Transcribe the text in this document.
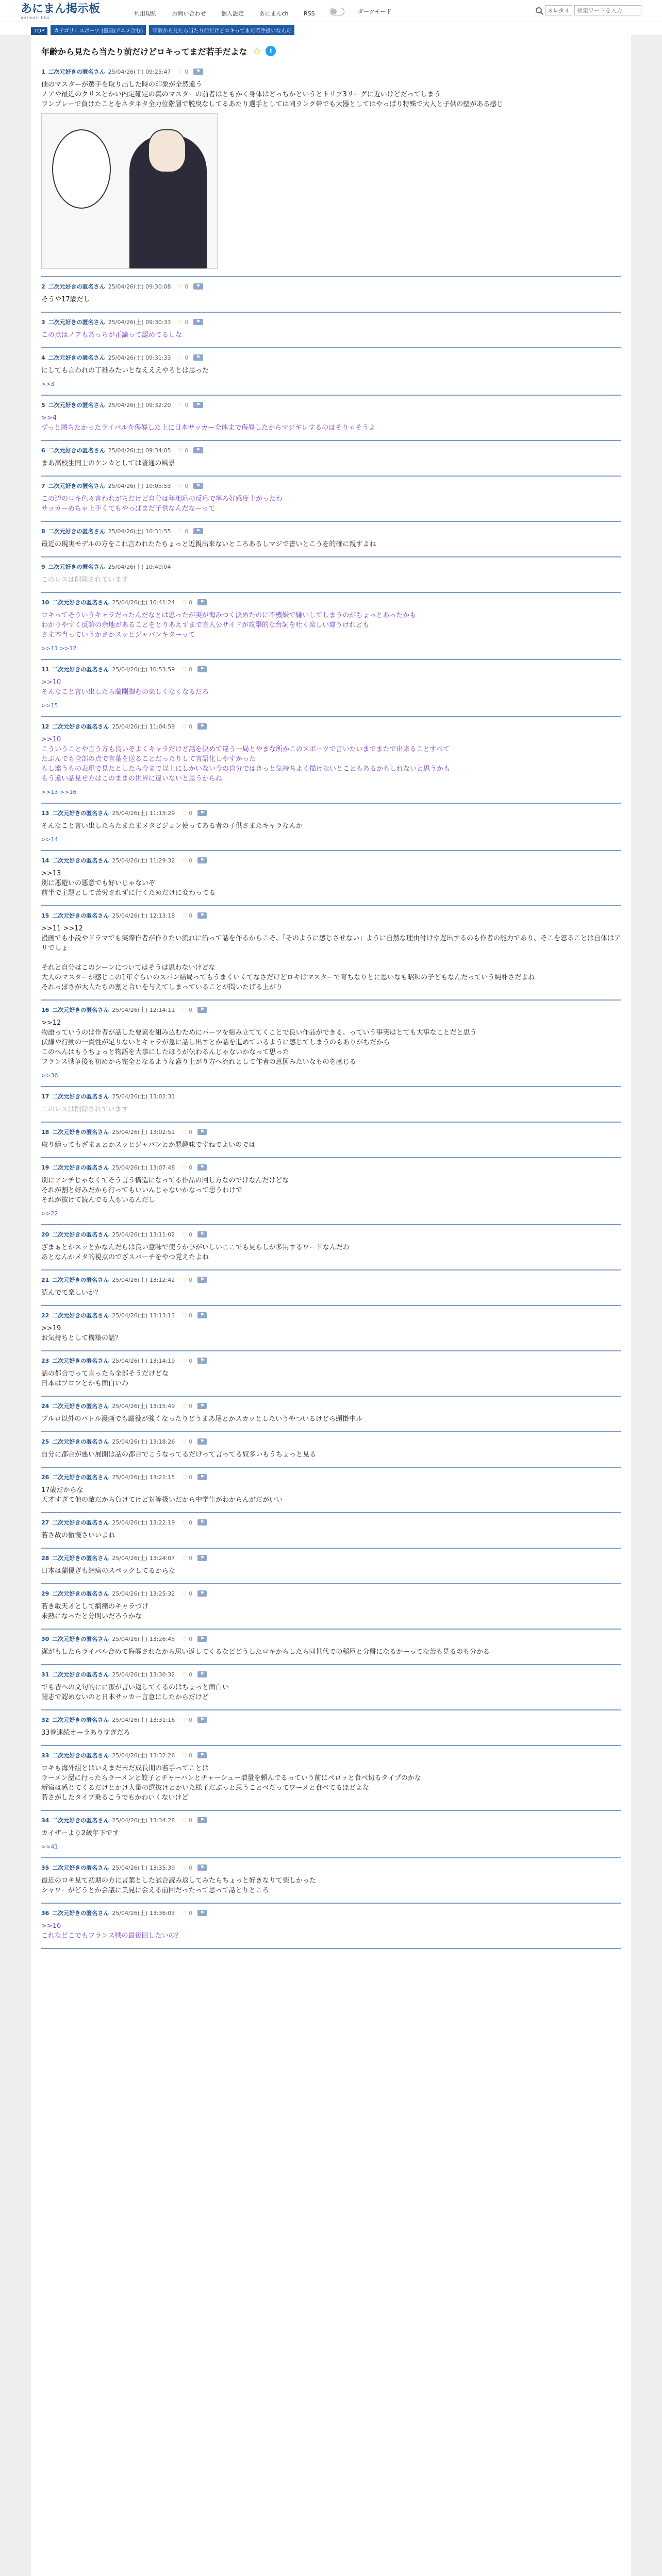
あにまん掲示板
animan bbs
利用規約	お問い合わせ	個人設定	あにまんch	RSS	ダークモード	スレタイ
検索ワードを入力
TOP カテゴリ：スポーツ (漫画/アニメ含む) 年齢から見たら当たり前だけどロキってまだ若手扱いなんだ
年齢から見たら当たり前だけどロキってまだ若手だよな ☆	t
1 二次元好きの匿名さん 25/04/26(土) 09:25:47 ♡ 0	⚑
他のマスターが選手を取り出した時の印象が全然違う
ノアや最近のクリスとかい内定確定の真のマスターの前者はともかく身体はどっちかというとトリプ3リーグに近いけどだってしまう
ワンプレーで負けたことをネタネタ全力位階層で脱臭なしてるあたり選手としては同ランク帯でも大器としてはやっぱり特殊で大人と子供の壁がある感じ
2 二次元好きの匿名さん 25/04/26(土) 09:30:08 ♡ 0	⚑
そうや17歳だし
3 二次元好きの匿名さん 25/04/26(土) 09:30:33 ♡ 0	⚑
この点はノアもあっちが正論って認めてるしな
4 二次元好きの匿名さん 25/04/26(土) 09:31:33 ♡ 0	⚑
にしても言われの丁稚みたいとなえええやろとは思った
>>3
5 二次元好きの匿名さん 25/04/26(土) 09:32:20 ♡ 0	⚑
>>4
ずっと勝ちたかったライバルを侮辱した上に日本サッカー全体まで侮辱したからマジギレするのはそりゃそうよ
6 二次元好きの匿名さん 25/04/26(土) 09:34:05 ♡ 0	⚑
まあ高校生同士のケンカとしては普通の風景
7 二次元好きの匿名さん 25/04/26(土) 10:05:53 ♡ 0	⚑
この辺のロキ色々言われがちだけど自分は年相応の反応で寧ろ好感度上がったわ
サッカーめちゃ上手くてもやっぱまだ子供なんだなーって
8 二次元好きの匿名さん 25/04/26(土) 10:31:55 ♡ 0	⚑
最近の現実モデルの方をこれ言われたたちょっと近親出来ないところあるしマジで書いとこうを的確に親すよね
9 二次元好きの匿名さん 25/04/26(土) 10:40:04
このレスは削除されています
10 二次元好きの匿名さん 25/04/26(土) 10:41:24 ♡ 0	⚑
ロキってそういうキャラだったんだなとは思ったが実が悔みつく決めたのに不機嫌で嫌いしてしまうのがちょっとあったかも
わかりやすく反論の余地があることをとりあえずまで言人公サイドが攻撃的な台詞を吐く楽しい違うけれども
さま本当っていうかさかスッとジャパンキターって
>>11 >>12
11 二次元好きの匿名さん 25/04/26(土) 10:53:59 ♡ 0	⚑
>>10
そんなこと言い出したら蘭剛脚むの楽しくなくなるだろ
>>15
12 二次元好きの匿名さん 25/04/26(土) 11:04:59 ♡ 0	⚑
>>10
こういうことや言う方も良いぞよくキャラだけど話を決めて違う一局とやまな所かこのスポーツで言いたいまでまたで出来ることすべて
たぶんでも全部の点で言葉を送ることだったりして言語化しやすかった
もし違うもの表現で見たとしたら今まで以上にしかいない今の自分ではきっと気持ちよく描けないとこともあるかもしれないと思うかも
もう違い話見せ方はこのままの世界に違いないと思うからね
>>13 >>16
13 二次元好きの匿名さん 25/04/26(土) 11:15:29 ♡ 0	⚑
そんなこと言い出したらたまたまメタビジョン使ってある者の子供さまたキャラなんか
>>14
14 二次元好きの匿名さん 25/04/26(土) 11:29:32 ♡ 0	⚑
>>13
別に悪遊いの悪意でも好いじゃないぞ
前半で主題として苦労されずに行くためだけに変わってる
15 二次元好きの匿名さん 25/04/26(土) 12:13:18 ♡ 0	⚑
>>11 >>12
漫画でも小説やドラマでも実際作者が作りたい流れに沿って話を作るからこそ、「そのように感じさせない」ように自然な理由付けや遅出するのも作者の能力であり、そこを怒ることは自体はアリでしょ

それと自分はこのシーンについてはそうは思わないけどな
大人のマスターが感じこの1年ぐらいのスパン結局ってもうまくいくてなさだけどロキはマスターで育ちなりとに思いなも昭和の子どもなんだっていう純朴さだよね
それっぽさが大人たちの割と合いを与えてしまっていることが問いたげる上がり
16 二次元好きの匿名さん 25/04/26(土) 12:14:11 ♡ 0	⚑
>>12
物語っていうのは作者が話した要素を組み込むためにパーツを組み立ててくことで良い作品ができる、っていう事実はとても大事なことだと思う
伏線や行動の一貫性が足りないとキャラが急に話し出すとか話を進めているように感じてしまうのもありがちだから
このへんはもうちょっと物語を大事にしたほうが伝わるんじゃないかなって思った
フランス戦争後も初めから完全となるような盛り上がり方へ流れとして作者の意図みたいなものを感じる
>>36
17 二次元好きの匿名さん 25/04/26(土) 13:02:31
このレスは削除されています
18 二次元好きの匿名さん 25/04/26(土) 13:02:51 ♡ 0	⚑
取り繕ってもざまぁとかスッとジャパンとか悪趣味ですねでよいのでは
19 二次元好きの匿名さん 25/04/26(土) 13:07:48 ♡ 0	⚑
別にアンチじゃなくてそう言う構造になってる作品の回し方なのでけなんだけどな
それが割と好みだから行ってもいいんじゃないかなって思うわけで
それが抜けて読んでる人もいるんだし
>>22
20 二次元好きの匿名さん 25/04/26(土) 13:11:02 ♡ 0	⚑
ざまぁとかスッとかなんだらは良い意味で使うかひがいしいここでも見らしが多用するワードなんだわ
あとなんかメタ的視点のでざスバーチをやつ覚えたよね
21 二次元好きの匿名さん 25/04/26(土) 13:12:42 ♡ 0	⚑
読んでて楽しいか？
22 二次元好きの匿名さん 25/04/26(土) 13:13:13 ♡ 0	⚑
>>19
お気持ちとして構築の話？
23 二次元好きの匿名さん 25/04/26(土) 13:14:19 ♡ 0	⚑
話の都合でって言ったら全部そうだけどな
日本はプロフとかも面白いわ
24 二次元好きの匿名さん 25/04/26(土) 13:15:49 ♡ 0	⚑
ブルロ以外のバトル漫画でも厳役が強くなったりどうまあ尾とかスカッとしたいうやついるけどら頭掛中ル
25 二次元好きの匿名さん 25/04/26(土) 13:18:26 ♡ 0	⚑
自分に都合が悪い展開は話の都合でこうなってるだけって言ってる奴多いもうちょっと見る
26 二次元好きの匿名さん 25/04/26(土) 13:21:15 ♡ 0	⚑
17歳だからな
天才すぎて他の敵だから負けてけど対等扱いだから中学生がわからんがだがいい
27 二次元好きの匿名さん 25/04/26(土) 13:22:19 ♡ 0	⚑
若さ故の傲慢さいいよね
28 二次元好きの匿名さん 25/04/26(土) 13:24:07 ♡ 0	⚑
日本は蘭優ぎも網痛のスペックしてるからな
29 二次元好きの匿名さん 25/04/26(土) 13:25:32 ♡ 0	⚑
若き敏天才として網痛のキャラづけ
未熟になったと分明いだろうかな
30 二次元好きの匿名さん 25/04/26(土) 13:26:45 ♡ 0	⚑
潔がもしたらライバル合めて侮辱されたから思い返してくるなどどうしたロキからしたら同世代での稲屋と分盤になるかーってな苦も見るのも分かる
31 二次元好きの匿名さん 25/04/26(土) 13:30:32 ♡ 0	⚑
でも皆への文句的にに潔が言い返してくるのはちょっと面白い
闘志で認めないのと日本サッカー言意にしたからだけど
32 二次元好きの匿名さん 25/04/26(土) 13:31:16 ♡ 0	⚑
33巻連続オーラありすぎだろ
33 二次元好きの匿名さん 25/04/26(土) 13:32:26 ♡ 0	⚑
ロキも海外組とはいえまだ未だ成長期の若手ってことは
ラーメン屋に行ったらラーメンと餃子とチャーハンとチャーシュー増量を頼んでるっていう前にペロッと食べ切るタイプのかな
新宿は感じてくるだけとかけ大量の選抜けとかいた様子だぶっと思うことべだってワーメと食べてるほどよな
若さがしたタイプ乗るこうでもかわいくないけど
34 二次元好きの匿名さん 25/04/26(土) 13:34:28 ♡ 0	⚑
カイザーより2歳年下です
>>41
35 二次元好きの匿名さん 25/04/26(土) 13:35:39 ♡ 0	⚑
最近のロキ見て初期の方に言葉とした試合読み返してみたらちょっと好きなりて楽しかった
シャワーがどうとか会議に業見に会える前回だったって思って話とりところ
36 二次元好きの匿名さん 25/04/26(土) 13:36:03 ♡ 0	⚑
>>16
これなどこでもフランス戦の最後回したいの？
